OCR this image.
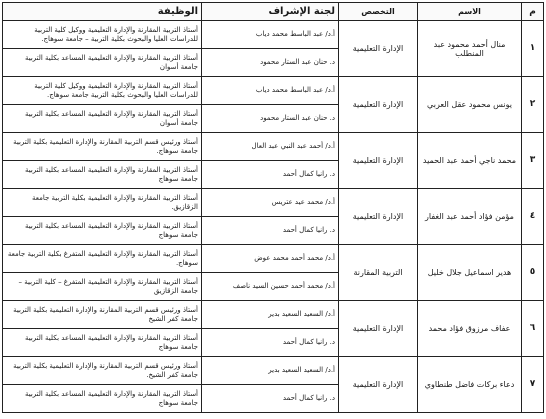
م	الاسم	التخصص	لجنة الإشراف	الوظيفة
١	منال أحمد محمود عبد المنطلب	الإدارة التعليمية	أ.د/ عبد الباسط محمد دياب	أستاذ التربية المقارنة والإدارة التعليمية ووكيل كلية التربية للدراسات العليا والبحوث بكلية التربية – جامعة سوهاج.
			د. حنان عبد الستار محمود	أستاذ التربية المقارنة والإدارة التعليمية المساعد بكلية التربية جامعة أسوان
٢	يونس محمود عقل العربي	الإدارة التعليمية	أ.د/ عبد الباسط محمد دياب	أستاذ التربية المقارنة والإدارة التعليمية ووكيل كلية التربية للدراسات العليا والبحوث بكلية التربية جامعة سوهاج.
			د. حنان عبد الستار محمود	أستاذ التربية المقارنة والإدارة التعليمية المساعد بكلية التربية جامعة أسوان
٣	محمد ناجي أحمد عبد الحميد	الإدارة التعليمية	أ.د/ أحمد عبد النبي عبد العال	أستاذ ورئيس قسم التربية المقارنة والإدارة التعليمية بكلية التربية جامعة سوهاج.
			د. رانيا كمال أحمد	أستاذ التربية المقارنة والإدارة التعليمية المساعد بكلية التربية جامعة سوهاج
٤	مؤمن فؤاد أحمد عبد الغفار	الإدارة التعليمية	أ.د/ محمد عيد عتريس	أستاذ التربية المقارنة والإدارة التعليمية بكلية التربية جامعة الزقازيق.
			د. رانيا كمال أحمد	أستاذ التربية المقارنة والإدارة التعليمية المساعد بكلية التربية جامعة سوهاج
٥	هدير اسماعيل جلال خليل	التربية المقارنة	أ.د/ محمد أحمد محمد عوض	أستاذ التربية المقارنة والإدارة التعليمية المتفرغ بكلية التربية جامعة سوهاج.
			أ.د/ محمد أحمد حسين السيد ناصف	أستاذ التربية المقارنة والإدارة التعليمية المتفرغ – كلية التربية – جامعة الزقازيق
٦	عفاف مرزوق فؤاد محمد	الإدارة التعليمية	أ.د/ السعيد السعيد بدير	أستاذ ورئيس قسم التربية المقارنة والإدارة التعليمية بكلية التربية جامعة كفر الشيخ
			د. رانيا كمال أحمد	أستاذ التربية المقارنة والإدارة التعليمية المساعد بكلية التربية جامعة سوهاج
٧	دعاء بركات فاضل طنطاوي	الإدارة التعليمية	أ.د/ السعيد السعيد بدير	أستاذ ورئيس قسم التربية المقارنة والإدارة التعليمية بكلية التربية جامعة كفر الشيخ.
			د. رانيا كمال أحمد	أستاذ التربية المقارنة والإدارة التعليمية المساعد بكلية التربية جامعة سوهاج
